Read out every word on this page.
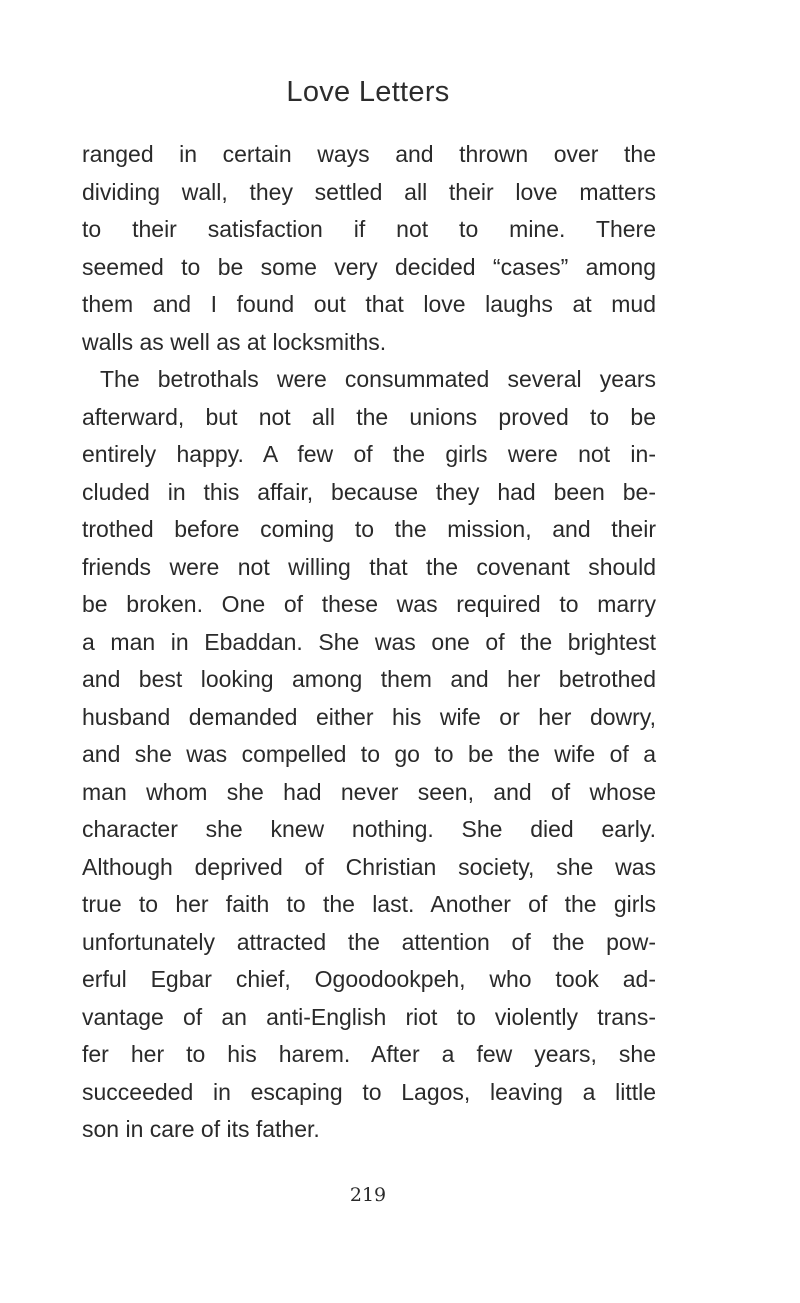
Love Letters
ranged in certain ways and thrown over the
dividing wall, they settled all their love matters
to their satisfaction if not to mine. There
seemed to be some very decided “cases” among
them and I found out that love laughs at mud
walls as well as at locksmiths.
The betrothals were consummated several years
afterward, but not all the unions proved to be
entirely happy. A few of the girls were not in-
cluded in this affair, because they had been be-
trothed before coming to the mission, and their
friends were not willing that the covenant should
be broken. One of these was required to marry
a man in Ebaddan. She was one of the brightest
and best looking among them and her betrothed
husband demanded either his wife or her dowry,
and she was compelled to go to be the wife of a
man whom she had never seen, and of whose
character she knew nothing. She died early.
Although deprived of Christian society, she was
true to her faith to the last. Another of the girls
unfortunately attracted the attention of the pow-
erful Egbar chief, Ogoodookpeh, who took ad-
vantage of an anti-English riot to violently trans-
fer her to his harem. After a few years, she
succeeded in escaping to Lagos, leaving a little
son in care of its father.
219
